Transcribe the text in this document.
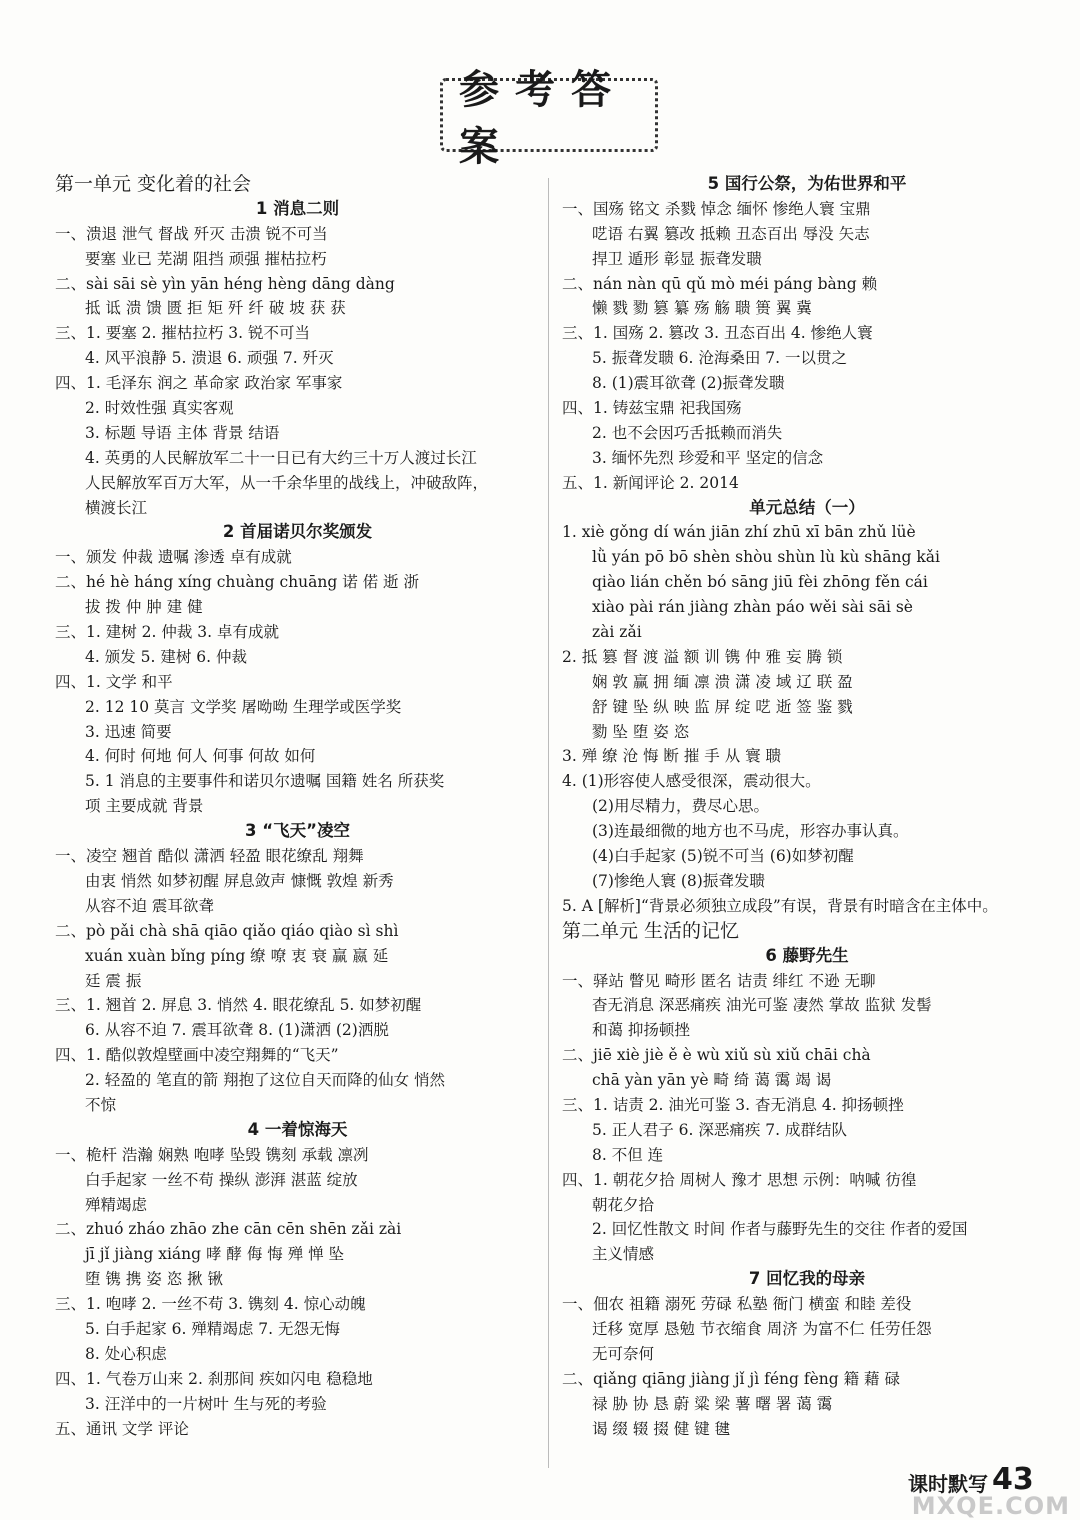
参考答案
第一单元 变化着的社会
1 消息二则
一、溃退 泄气 督战 歼灭 击溃 锐不可当
要塞 业已 芜湖 阻挡 顽强 摧枯拉朽
二、sài sāi sè yìn yān héng hèng dāng dàng
抵 诋 溃 馈 匮 拒 矩 歼 纤 破 坡 获 获
三、1. 要塞 2. 摧枯拉朽 3. 锐不可当
4. 风平浪静 5. 溃退 6. 顽强 7. 歼灭
四、1. 毛泽东 润之 革命家 政治家 军事家
2. 时效性强 真实客观
3. 标题 导语 主体 背景 结语
4. 英勇的人民解放军二十一日已有大约三十万人渡过长江
人民解放军百万大军，从一千余华里的战线上，冲破敌阵，
横渡长江
2 首届诺贝尔奖颁发
一、颁发 仲裁 遗嘱 渗透 卓有成就
二、hé hè háng xíng chuàng chuāng 诺 偌 逝 浙
拔 拨 仲 肿 建 健
三、1. 建树 2. 仲裁 3. 卓有成就
4. 颁发 5. 建树 6. 仲裁
四、1. 文学 和平
2. 12 10 莫言 文学奖 屠呦呦 生理学或医学奖
3. 迅速 简要
4. 何时 何地 何人 何事 何故 如何
5. 1 消息的主要事件和诺贝尔遗嘱 国籍 姓名 所获奖
项 主要成就 背景
3 “飞天”凌空
一、凌空 翘首 酷似 潇洒 轻盈 眼花缭乱 翔舞
由衷 悄然 如梦初醒 屏息敛声 慷慨 敦煌 新秀
从容不迫 震耳欲聋
二、pò pǎi chà shā qiāo qiǎo qiáo qiào sì shì
xuán xuàn bǐng píng 缭 嘹 衷 衰 赢 嬴 延
廷 震 振
三、1. 翘首 2. 屏息 3. 悄然 4. 眼花缭乱 5. 如梦初醒
6. 从容不迫 7. 震耳欲聋 8. (1)潇洒 (2)洒脱
四、1. 酷似敦煌壁画中凌空翔舞的“飞天”
2. 轻盈的 笔直的箭 翔抱了这位自天而降的仙女 悄然
不惊
4 一着惊海天
一、桅杆 浩瀚 娴熟 咆哮 坠毁 镌刻 承载 凛冽
白手起家 一丝不苟 操纵 澎湃 湛蓝 绽放
殚精竭虑
二、zhuó zháo zhāo zhe cān cēn shēn zǎi zài
jī jǐ jiàng xiáng 哮 酵 侮 悔 殚 惮 坠
堕 镌 携 姿 恣 揪 锹
三、1. 咆哮 2. 一丝不苟 3. 镌刻 4. 惊心动魄
5. 白手起家 6. 殚精竭虑 7. 无怨无悔
8. 处心积虑
四、1. 气卷万山来 2. 刹那间 疾如闪电 稳稳地
3. 汪洋中的一片树叶 生与死的考验
五、通讯 文学 评论
5 国行公祭，为佑世界和平
一、国殇 铭文 杀戮 悼念 缅怀 惨绝人寰 宝鼎
呓语 右翼 篡改 抵赖 丑态百出 辱没 矢志
捍卫 遁形 彰显 振聋发聩
二、nán nàn qū qǔ mò méi páng bàng 赖
懒 戮 勠 篡 纂 殇 觞 聩 篑 翼 冀
三、1. 国殇 2. 篡改 3. 丑态百出 4. 惨绝人寰
5. 振聋发聩 6. 沧海桑田 7. 一以贯之
8. (1)震耳欲聋 (2)振聋发聩
四、1. 铸兹宝鼎 祀我国殇
2. 也不会因巧舌抵赖而消失
3. 缅怀先烈 珍爱和平 坚定的信念
五、1. 新闻评论 2. 2014
单元总结（一）
1. xiè gǒng dí wán jiān zhí zhū xī bān zhǔ lüè
lǜ yán pō bō shèn shòu shùn lù kù shāng kǎi
qiào lián chěn bó sāng jiū fèi zhōng fěn cái
xiào pài rán jiàng zhàn páo wěi sài sāi sè
zài zǎi
2. 抵 篡 督 渡 溢 额 训 镌 仲 雅 妄 腾 锁
娴 敦 赢 拥 缅 凛 溃 潇 凌 域 辽 联 盈
舒 键 坠 纵 映 监 屏 绽 呓 逝 签 鉴 戮
勠 坠 堕 姿 恣
3. 殚 缭 沧 悔 断 摧 手 从 寰 聩
4. (1)形容使人感受很深，震动很大。
(2)用尽精力，费尽心思。
(3)连最细微的地方也不马虎，形容办事认真。
(4)白手起家 (5)锐不可当 (6)如梦初醒
(7)惨绝人寰 (8)振聋发聩
5. A [解析]“背景必须独立成段”有误，背景有时暗含在主体中。
第二单元 生活的记忆
6 藤野先生
一、驿站 瞥见 畸形 匿名 诘责 绯红 不逊 无聊
杳无消息 深恶痛疾 油光可鉴 凄然 掌故 监狱 发髻
和蔼 抑扬顿挫
二、jiē xiè jiè ě è wù xiǔ sù xiǔ chāi chà
chā yàn yān yè 畸 绮 蔼 霭 竭 谒
三、1. 诘责 2. 油光可鉴 3. 杳无消息 4. 抑扬顿挫
5. 正人君子 6. 深恶痛疾 7. 成群结队
8. 不但 连
四、1. 朝花夕拾 周树人 豫才 思想 示例：呐喊 彷徨
朝花夕拾
2. 回忆性散文 时间 作者与藤野先生的交往 作者的爱国
主义情感
7 回忆我的母亲
一、佃农 祖籍 溺死 劳碌 私塾 衙门 横蛮 和睦 差役
迁移 宽厚 恳勉 节衣缩食 周济 为富不仁 任劳任怨
无可奈何
二、qiǎng qiāng jiàng jǐ jì féng fèng 籍 藉 碌
禄 胁 协 恳 蔚 粱 梁 薯 曙 署 蔼 霭
谒 缀 辍 掇 健 键 毽
课时默写 43
MXQE.COM
